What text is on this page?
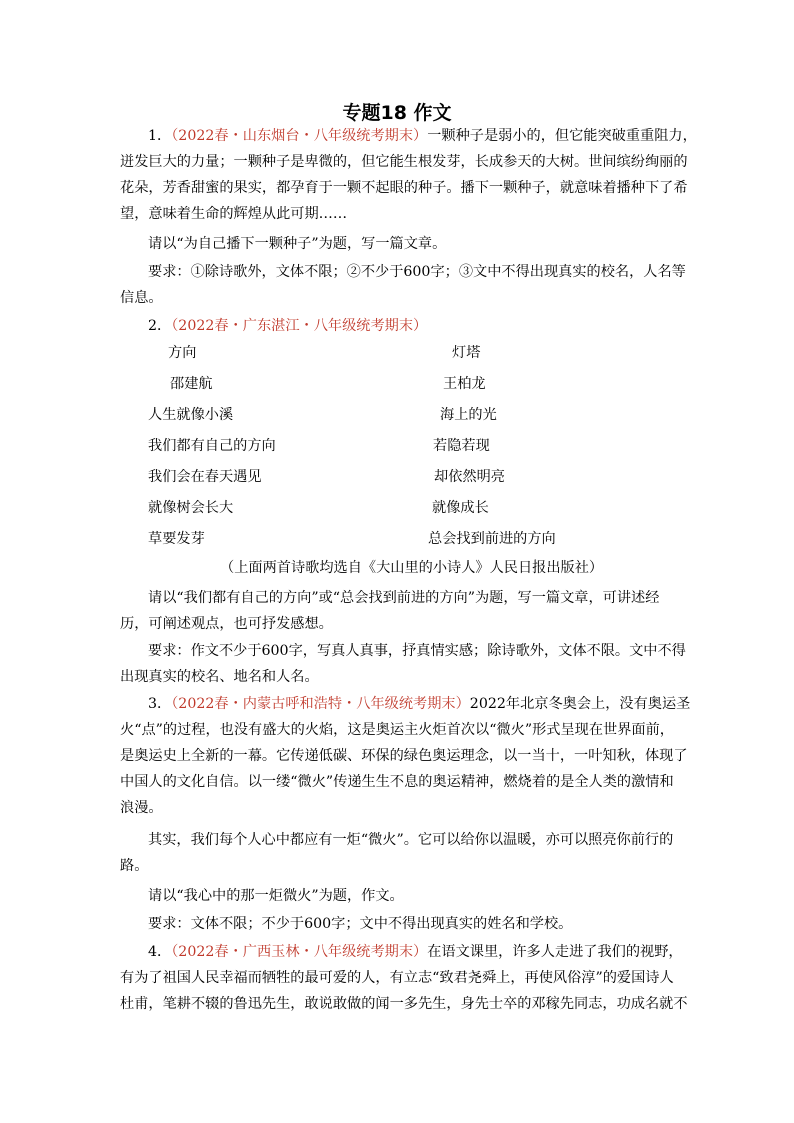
专题18 作文
1．（2022春・山东烟台・八年级统考期末）一颗种子是弱小的，但它能突破重重阻力，
迸发巨大的力量；一颗种子是卑微的，但它能生根发芽，长成参天的大树。世间缤纷绚丽的
花朵，芳香甜蜜的果实，都孕育于一颗不起眼的种子。播下一颗种子，就意味着播种下了希
望，意味着生命的辉煌从此可期……
请以“为自己播下一颗种子”为题，写一篇文章。
要求：①除诗歌外，文体不限；②不少于600字；③文中不得出现真实的校名，人名等
信息。
2．（2022春・广东湛江・八年级统考期末）
方向
邵建航
人生就像小溪
我们都有自己的方向
我们会在春天遇见
就像树会长大
草要发芽
灯塔
王柏龙
海上的光
若隐若现
却依然明亮
就像成长
总会找到前进的方向
（上面两首诗歌均选自《大山里的小诗人》人民日报出版社）
请以“我们都有自己的方向”或“总会找到前进的方向”为题，写一篇文章，可讲述经
历，可阐述观点，也可抒发感想。
要求：作文不少于600字，写真人真事，抒真情实感；除诗歌外，文体不限。文中不得
出现真实的校名、地名和人名。
3．（2022春・内蒙古呼和浩特・八年级统考期末）2022年北京冬奥会上，没有奥运圣
火“点”的过程，也没有盛大的火焰，这是奥运主火炬首次以“微火”形式呈现在世界面前，
是奥运史上全新的一幕。它传递低碳、环保的绿色奥运理念，以一当十，一叶知秋，体现了
中国人的文化自信。以一缕“微火”传递生生不息的奥运精神，燃烧着的是全人类的激情和
浪漫。
其实，我们每个人心中都应有一炬“微火”。它可以给你以温暖，亦可以照亮你前行的
路。
请以“我心中的那一炬微火”为题，作文。
要求：文体不限；不少于600字；文中不得出现真实的姓名和学校。
4．（2022春・广西玉林・八年级统考期末）在语文课里，许多人走进了我们的视野，
有为了祖国人民幸福而牺牲的最可爱的人，有立志“致君尧舜上，再使风俗淳”的爱国诗人
杜甫，笔耕不辍的鲁迅先生，敢说敢做的闻一多先生，身先士卒的邓稼先同志，功成名就不
